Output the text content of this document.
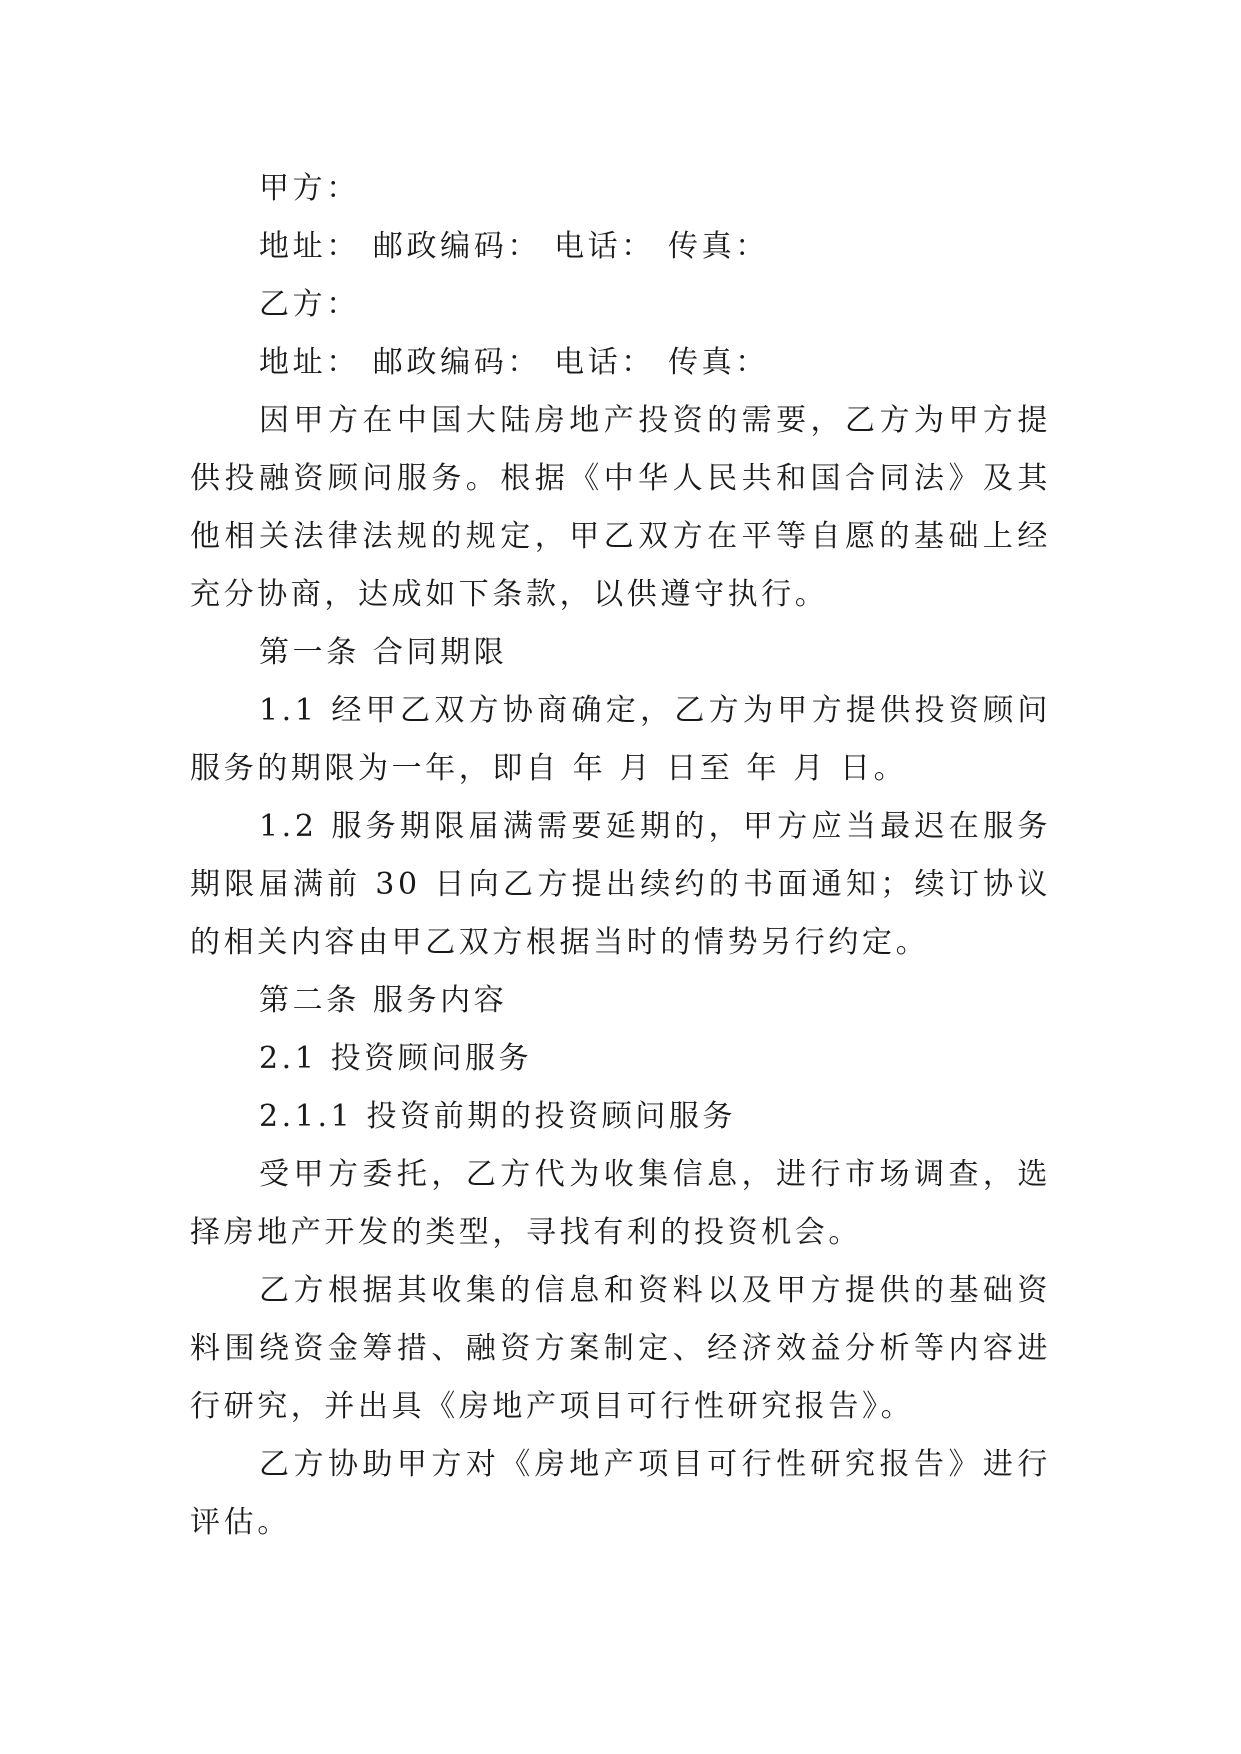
甲方：

地址： 邮政编码： 电话： 传真：

乙方：

地址： 邮政编码： 电话： 传真：

因甲方在中国大陆房地产投资的需要，乙方为甲方提供投融资顾问服务。根据《中华人民共和国合同法》及其他相关法律法规的规定，甲乙双方在平等自愿的基础上经充分协商，达成如下条款，以供遵守执行。

第一条 合同期限

1.1 经甲乙双方协商确定，乙方为甲方提供投资顾问服务的期限为一年，即自 年 月 日至 年 月 日。

1.2 服务期限届满需要延期的，甲方应当最迟在服务期限届满前 30 日向乙方提出续约的书面通知；续订协议的相关内容由甲乙双方根据当时的情势另行约定。

第二条 服务内容

2.1 投资顾问服务

2.1.1 投资前期的投资顾问服务

受甲方委托，乙方代为收集信息，进行市场调查，选择房地产开发的类型，寻找有利的投资机会。

乙方根据其收集的信息和资料以及甲方提供的基础资料围绕资金筹措、融资方案制定、经济效益分析等内容进行研究，并出具《房地产项目可行性研究报告》。

乙方协助甲方对《房地产项目可行性研究报告》进行评估。
